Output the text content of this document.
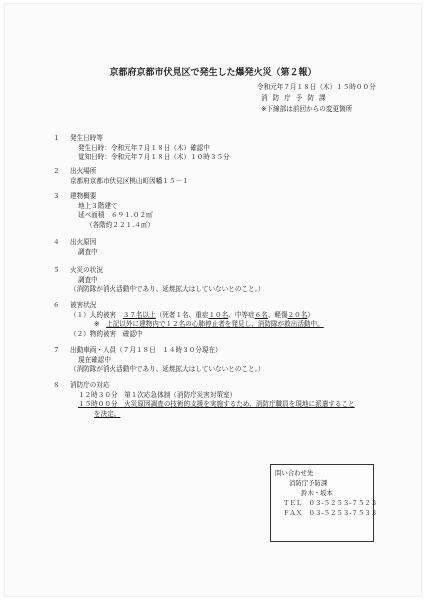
京都府京都市伏見区で発生した爆発火災（第２報）
令和元年７月１８日（木）１５時００分
消防庁予防課
※下線部は前回からの変更箇所
１ 発生日時等
発生日時：令和元年７月１８日（木）確認中
覚知日時：令和元年７月１８日（木）１０時３５分
２ 出火場所
京都府京都市伏見区桃山町因幡１５－１
３ 建物概要
地上３階建て
延べ面積　６９１.０２㎡
（各階約２２１.４㎡）
４ 出火原因
調査中
５ 火災の状況
調査中
（消防隊が消火活動中であり、延焼拡大はしていないとのこと。）
６ 被害状況
（１）人的被害　３７名以上（死者１名、重症１０名、中等症６名、軽傷２０名）
※　上記以外に建物内で１２名の心肺停止者を発見し、消防隊が救出活動中。
（２）物的被害　確認中
７ 出動車両・人員（７月１８日　１４時３０分現在）
現在確認中
（消防隊が消火活動中であり、延焼拡大はしていないとのこと。）
８ 消防庁の対応
１２時３０分　第１次応急体制（消防庁災害対策室）
１５時００分　火災原因調査の技術的支援を実施するため、消防庁職員を現地に派遣すること
を決定。
問い合わせ先
消防庁予防課
鈴木・坂本
ＴＥＬ　０３-５２５３-７５２３
ＦＡＸ　０３-５２５３-７５３３
